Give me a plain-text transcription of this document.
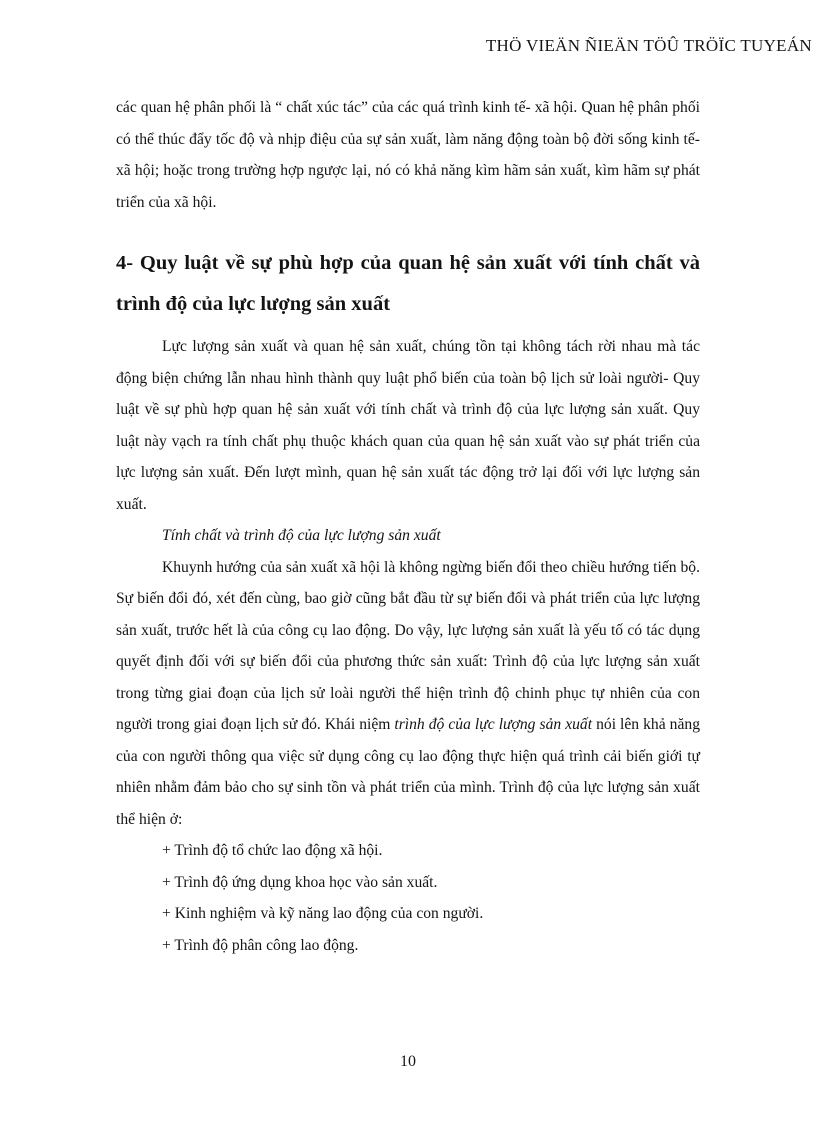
THÖ VIEÄN ÑIEÄN TÖÛ TRÖÏC TUYEÁN

các quan hệ phân phối là “ chất xúc tác” của các quá trình kinh tế- xã hội. Quan hệ phân phối có thể thúc đẩy tốc độ và nhịp điệu của sự sản xuất, làm năng động toàn bộ đời sống kinh tế- xã hội; hoặc trong trường hợp ngược lại, nó có khả năng kìm hãm sản xuất, kìm hãm sự phát triển của xã hội.

4- Quy luật về sự phù hợp của quan hệ sản xuất với tính chất và trình độ của lực lượng sản xuất

Lực lượng sản xuất và quan hệ sản xuất, chúng tồn tại không tách rời nhau mà tác động biện chứng lẫn nhau hình thành quy luật phổ biến của toàn bộ lịch sử loài người- Quy luật về sự phù hợp quan hệ sản xuất với tính chất và trình độ của lực lượng sản xuất. Quy luật này vạch ra tính chất phụ thuộc khách quan của quan hệ sản xuất vào sự phát triển của lực lượng sản xuất. Đến lượt mình, quan hệ sản xuất tác động trở lại đối với lực lượng sản xuất.

Tính chất và trình độ của lực lượng sản xuất

Khuynh hướng của sản xuất xã hội là không ngừng biến đổi theo chiều hướng tiến bộ. Sự biến đổi đó, xét đến cùng, bao giờ cũng bắt đầu từ sự biến đổi và phát triển của lực lượng sản xuất, trước hết là của công cụ lao động. Do vậy, lực lượng sản xuất là yếu tố có tác dụng quyết định đối với sự biến đổi của phương thức sản xuất: Trình độ của lực lượng sản xuất trong từng giai đoạn của lịch sử loài người thể hiện trình độ chinh phục tự nhiên của con người trong giai đoạn lịch sử đó. Khái niệm trình độ của lực lượng sản xuất nói lên khả năng của con người thông qua việc sử dụng công cụ lao động thực hiện quá trình cải biến giới tự nhiên nhằm đảm bảo cho sự sinh tồn và phát triển của mình. Trình độ của lực lượng sản xuất thể hiện ở:

+ Trình độ tổ chức lao động xã hội.
+ Trình độ ứng dụng khoa học vào sản xuất.
+ Kinh nghiệm và kỹ năng lao động của con người.
+ Trình độ phân công lao động.
10
